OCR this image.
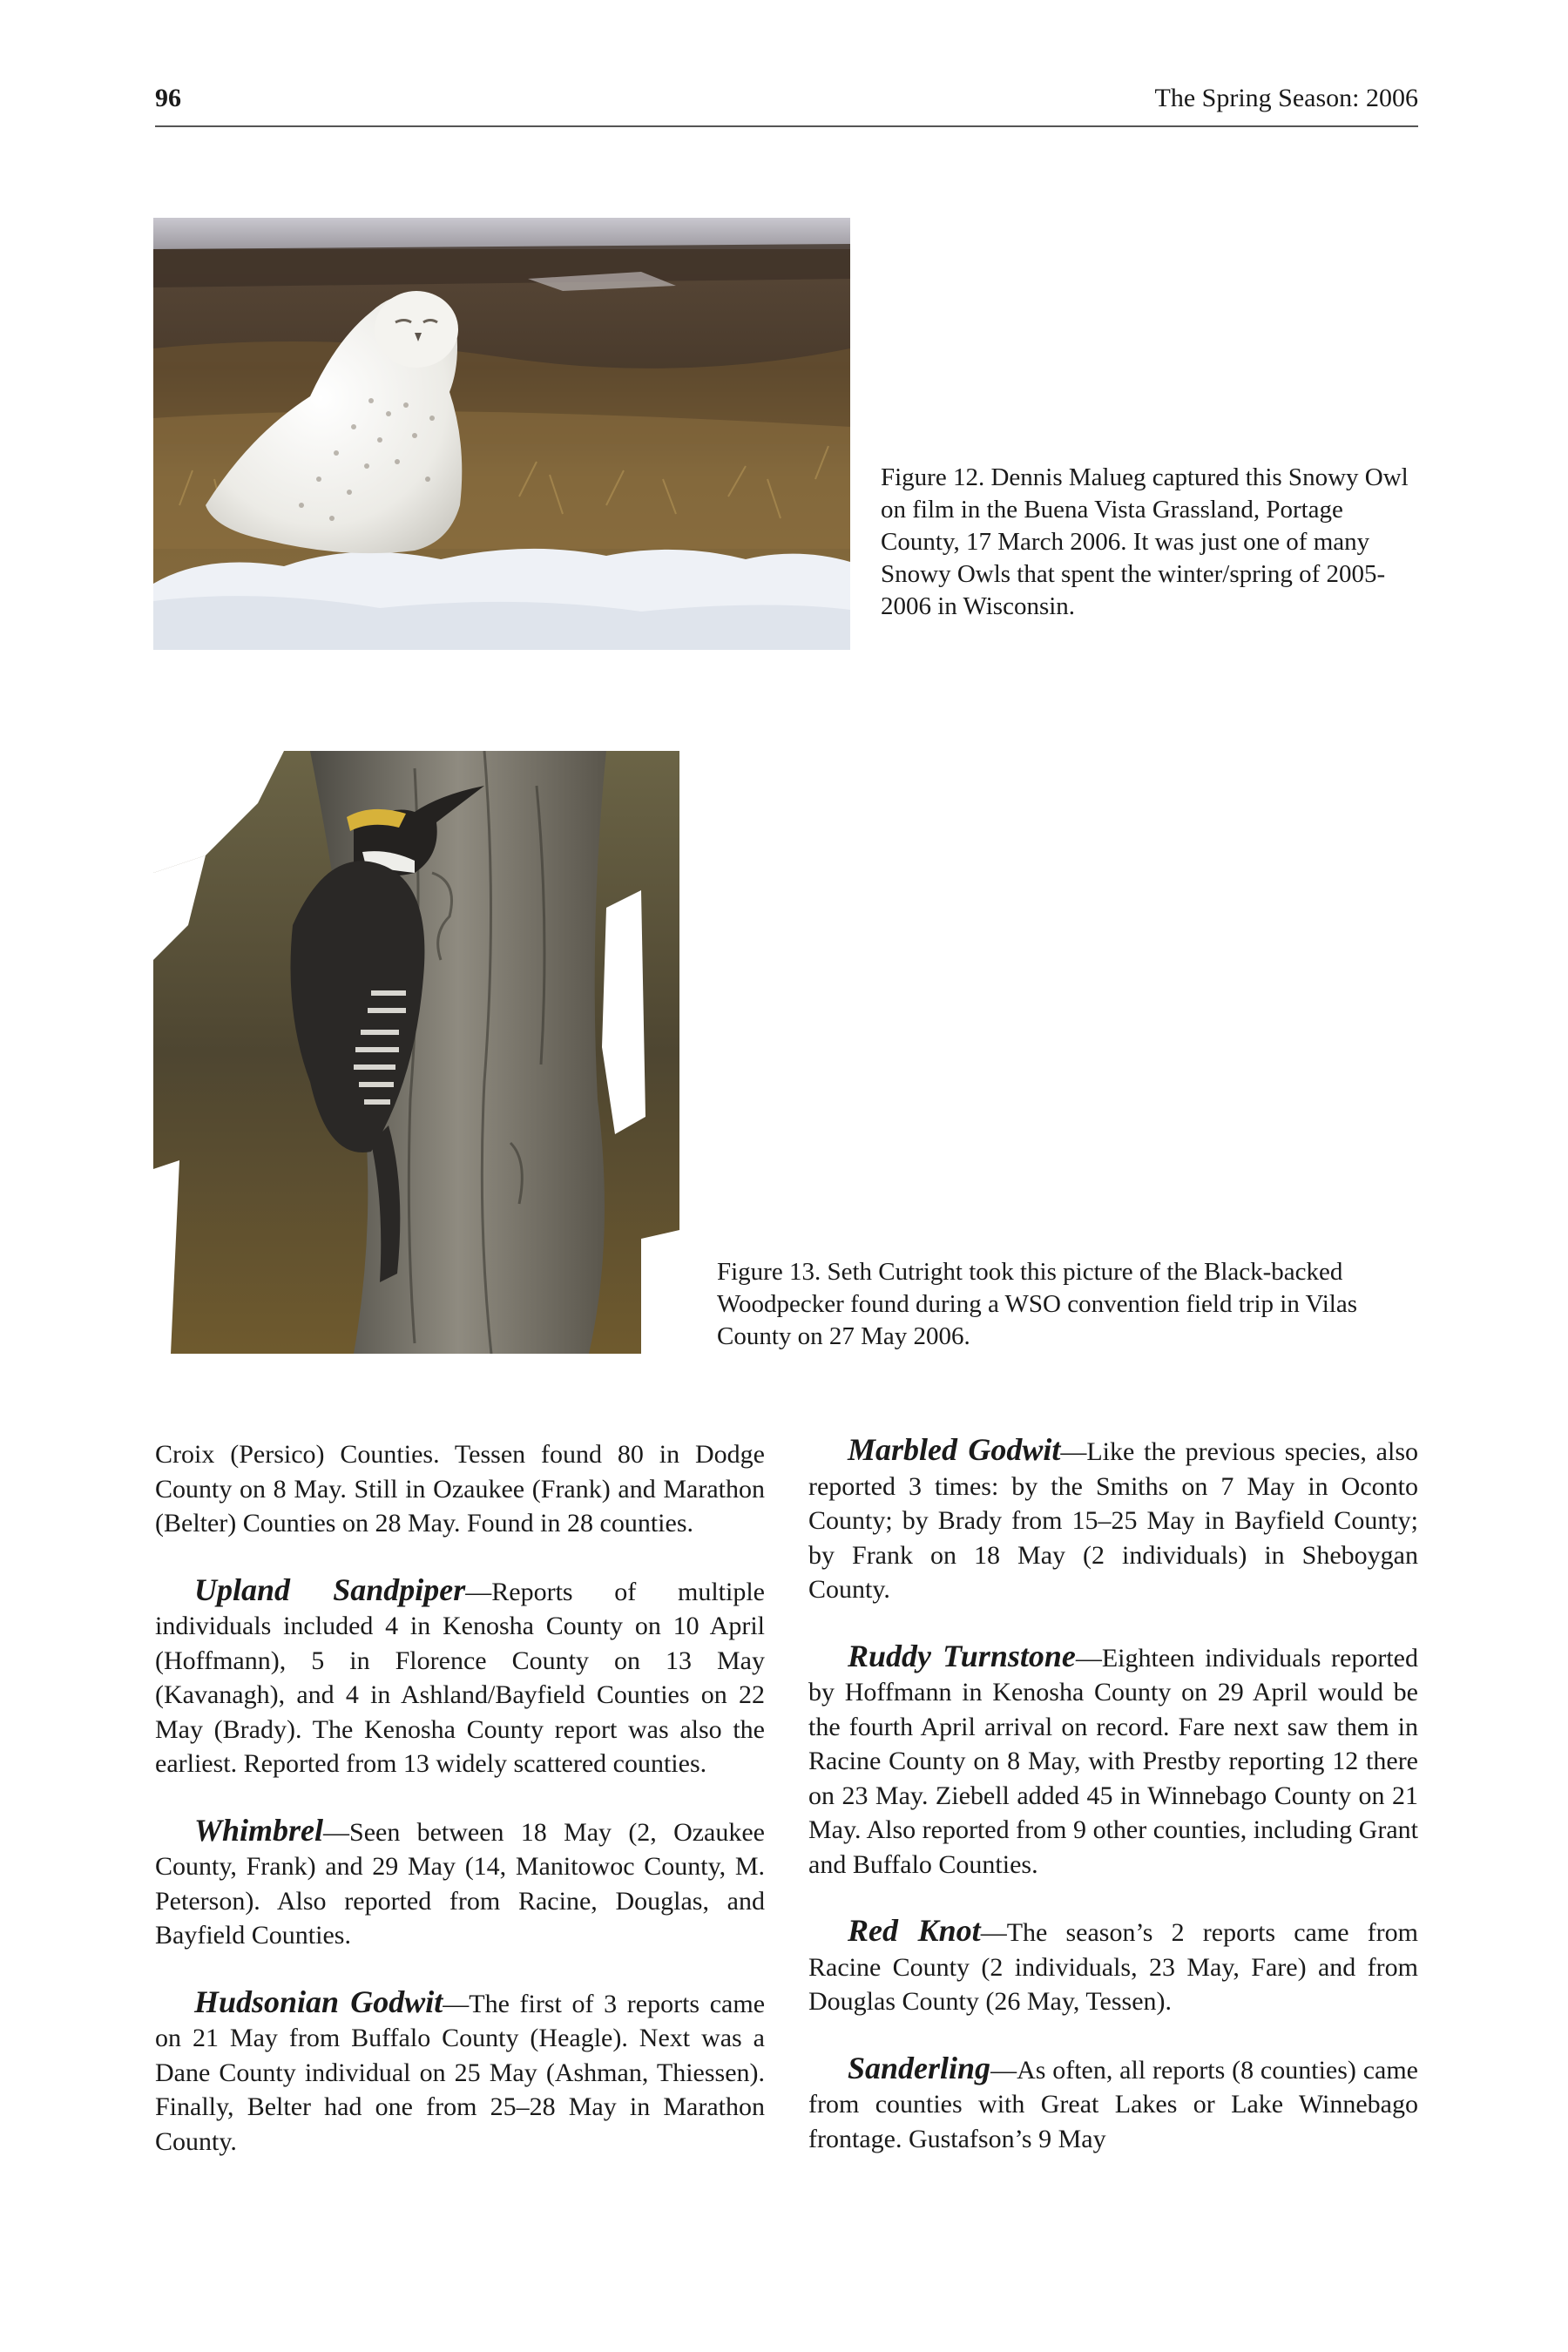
96	The Spring Season: 2006

Figure 12. Dennis Malueg captured this Snowy Owl on film in the Buena Vista Grassland, Portage County, 17 March 2006. It was just one of many Snowy Owls that spent the winter/spring of 2005-2006 in Wisconsin.

Figure 13. Seth Cutright took this picture of the Black-backed Woodpecker found during a WSO convention field trip in Vilas County on 27 May 2006.

Croix (Persico) Counties. Tessen found 80 in Dodge County on 8 May. Still in Ozaukee (Frank) and Marathon (Belter) Counties on 28 May. Found in 28 counties.

Upland Sandpiper—Reports of multiple individuals included 4 in Kenosha County on 10 April (Hoffmann), 5 in Florence County on 13 May (Kavanagh), and 4 in Ashland/Bayfield Counties on 22 May (Brady). The Kenosha County report was also the earliest. Reported from 13 widely scattered counties.

Whimbrel—Seen between 18 May (2, Ozaukee County, Frank) and 29 May (14, Manitowoc County, M. Peterson). Also reported from Racine, Douglas, and Bayfield Counties.

Hudsonian Godwit—The first of 3 reports came on 21 May from Buffalo County (Heagle). Next was a Dane County individual on 25 May (Ashman, Thiessen). Finally, Belter had one from 25–28 May in Marathon County.

Marbled Godwit—Like the previous species, also reported 3 times: by the Smiths on 7 May in Oconto County; by Brady from 15–25 May in Bayfield County; by Frank on 18 May (2 individuals) in Sheboygan County.

Ruddy Turnstone—Eighteen individuals reported by Hoffmann in Kenosha County on 29 April would be the fourth April arrival on record. Fare next saw them in Racine County on 8 May, with Prestby reporting 12 there on 23 May. Ziebell added 45 in Winnebago County on 21 May. Also reported from 9 other counties, including Grant and Buffalo Counties.

Red Knot—The season’s 2 reports came from Racine County (2 individuals, 23 May, Fare) and from Douglas County (26 May, Tessen).

Sanderling—As often, all reports (8 counties) came from counties with Great Lakes or Lake Winnebago frontage. Gustafson’s 9 May
